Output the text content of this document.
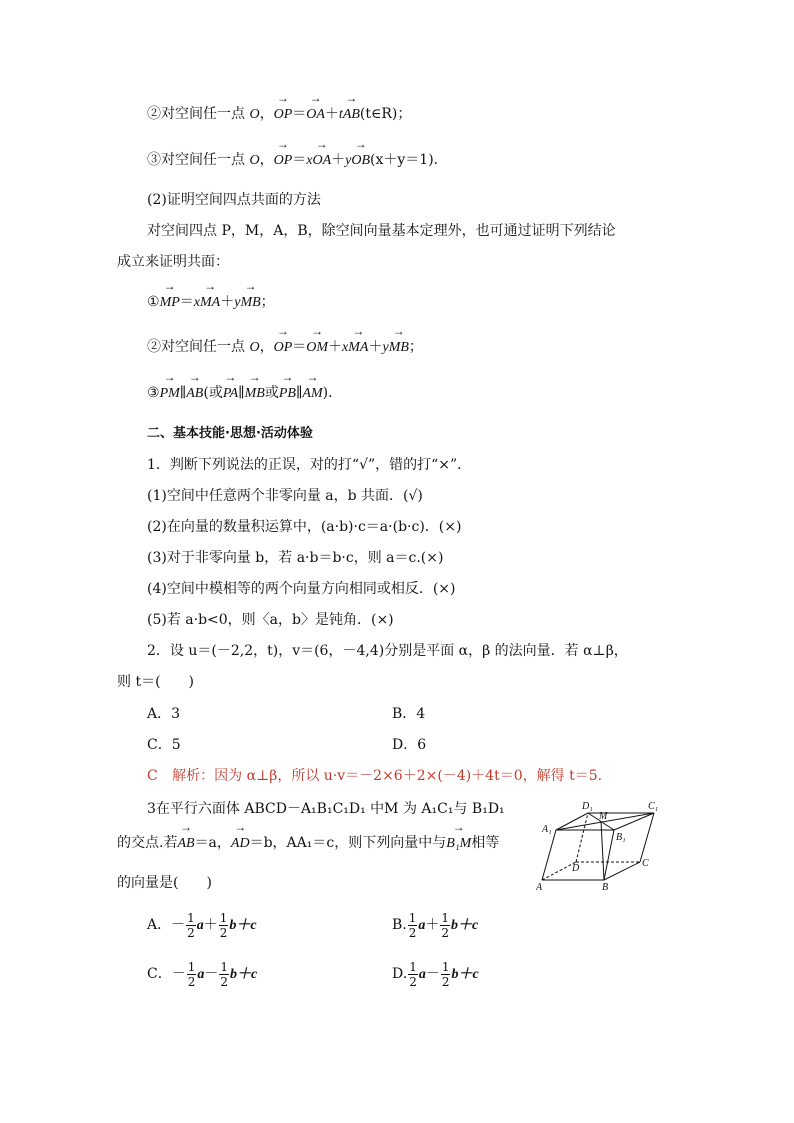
②对空间任一点 O，→ OP＝→ OA＋t→ AB(t∈R)；
③对空间任一点 O，→ OP＝x→ OA＋y→ OB(x＋y＝1)．
(2)证明空间四点共面的方法
对空间四点 P，M，A，B，除空间向量基本定理外，也可通过证明下列结论
成立来证明共面：
①→ MP＝x→ MA＋y→ MB；
②对空间任一点 O，→ OP＝→ OM＋x→ MA＋y→ MB；
③→ PM∥→ AB(或→ PA∥→ MB或→ PB∥→ AM)．
二、基本技能·思想·活动体验
1．判断下列说法的正误，对的打“√”，错的打“×”．
(1)空间中任意两个非零向量 a，b 共面．(√)
(2)在向量的数量积运算中，(a·b)·c＝a·(b·c)．(×)
(3)对于非零向量 b，若 a·b＝b·c，则 a＝c.(×)
(4)空间中模相等的两个向量方向相同或相反．(×)
(5)若 a·b<0，则〈a，b〉是钝角．(×)
2．设 u＝(－2,2，t)，v＝(6，－4,4)分别是平面 α，β 的法向量．若 α⊥β，
则 t＝(　　)
A．3	B．4
C．5	D．6
C 解析：因为 α⊥β，所以 u·v＝－2×6＋2×(－4)＋4t＝0，解得 t＝5.
3在平行六面体 ABCD－A₁B₁C₁D₁ 中M 为 A₁C₁与 B₁D₁
的交点.若→ AB＝a，→ AD＝b，AA₁＝c，则下列向量中与→ B₁M相等
的向量是(　　)
A．－ $\frac{1}{2} a+ \frac{1}{2} b+c$	B. $\frac{1}{2} a+ \frac{1}{2} b+c$
C．－ $\frac{1}{2} a- \frac{1}{2} b+c$	D. $\frac{1}{2} a- \frac{1}{2} b+c$
A	B
C
D
A₁
B₁
C₁
D₁
M
